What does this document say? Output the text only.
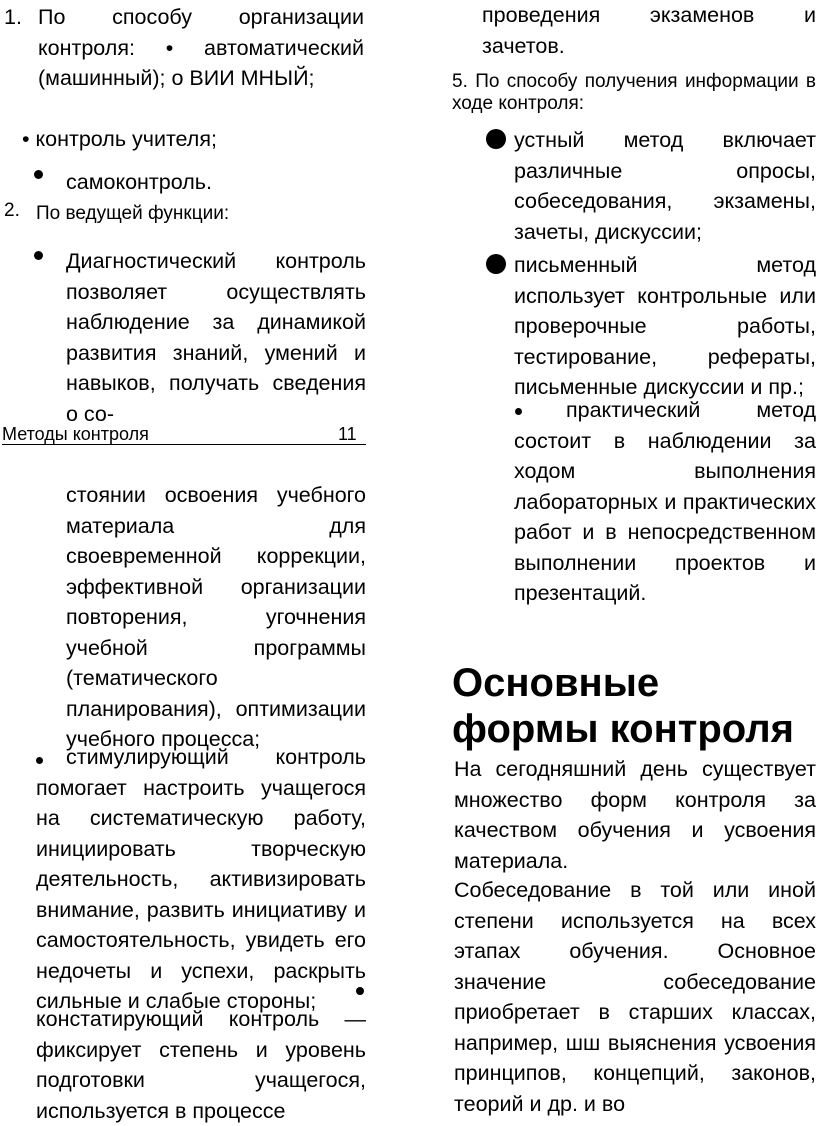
1. По способу организации контроля: • автоматический (машинный); о ВИИ МНЫЙ;

• контроль учителя;

самоконтроль.

2. По ведущей функции:

Диагностический контроль позволяет осуществлять наблюдение за динамикой развития знаний, умений и навыков, получать сведения о со-

Методы контроля	11

стоянии освоения учебного материала для своевременной коррекции, эффективной организации повторения, угочнения учебной программы (тематического планирования), оптимизации учебного процесса;

стимулирующий контроль помогает настроить учащегося на систематическую работу, инициировать творческую деятельность, активизировать внимание, развить инициативу и самостоятельность, увидеть его недочеты и успехи, раскрыть сильные и слабые стороны;

констатирующий контроль — фиксирует степень и уровень подготовки учащегося, используется в процессе

проведения экзаменов и зачетов.

5. По способу получения информации в ходе контроля:

устный метод включает различные опросы, собеседования, экзамены, зачеты, дискуссии;

письменный метод использует контрольные или проверочные работы, тестирование, рефераты, письменные дискуссии и пр.;

практический метод состоит в наблюдении за ходом выполнения лабораторных и практических работ и в непосредственном выполнении проектов и презентаций.

Основные формы контроля

На сегодняшний день существует множество форм контроля за качеством обучения и усвоения материала.

Собеседование в той или иной степени используется на всех этапах обучения. Основное значение собеседование приобретает в старших классах, например, шш выяснения усвоения принципов, концепций, законов, теорий и др. и во
